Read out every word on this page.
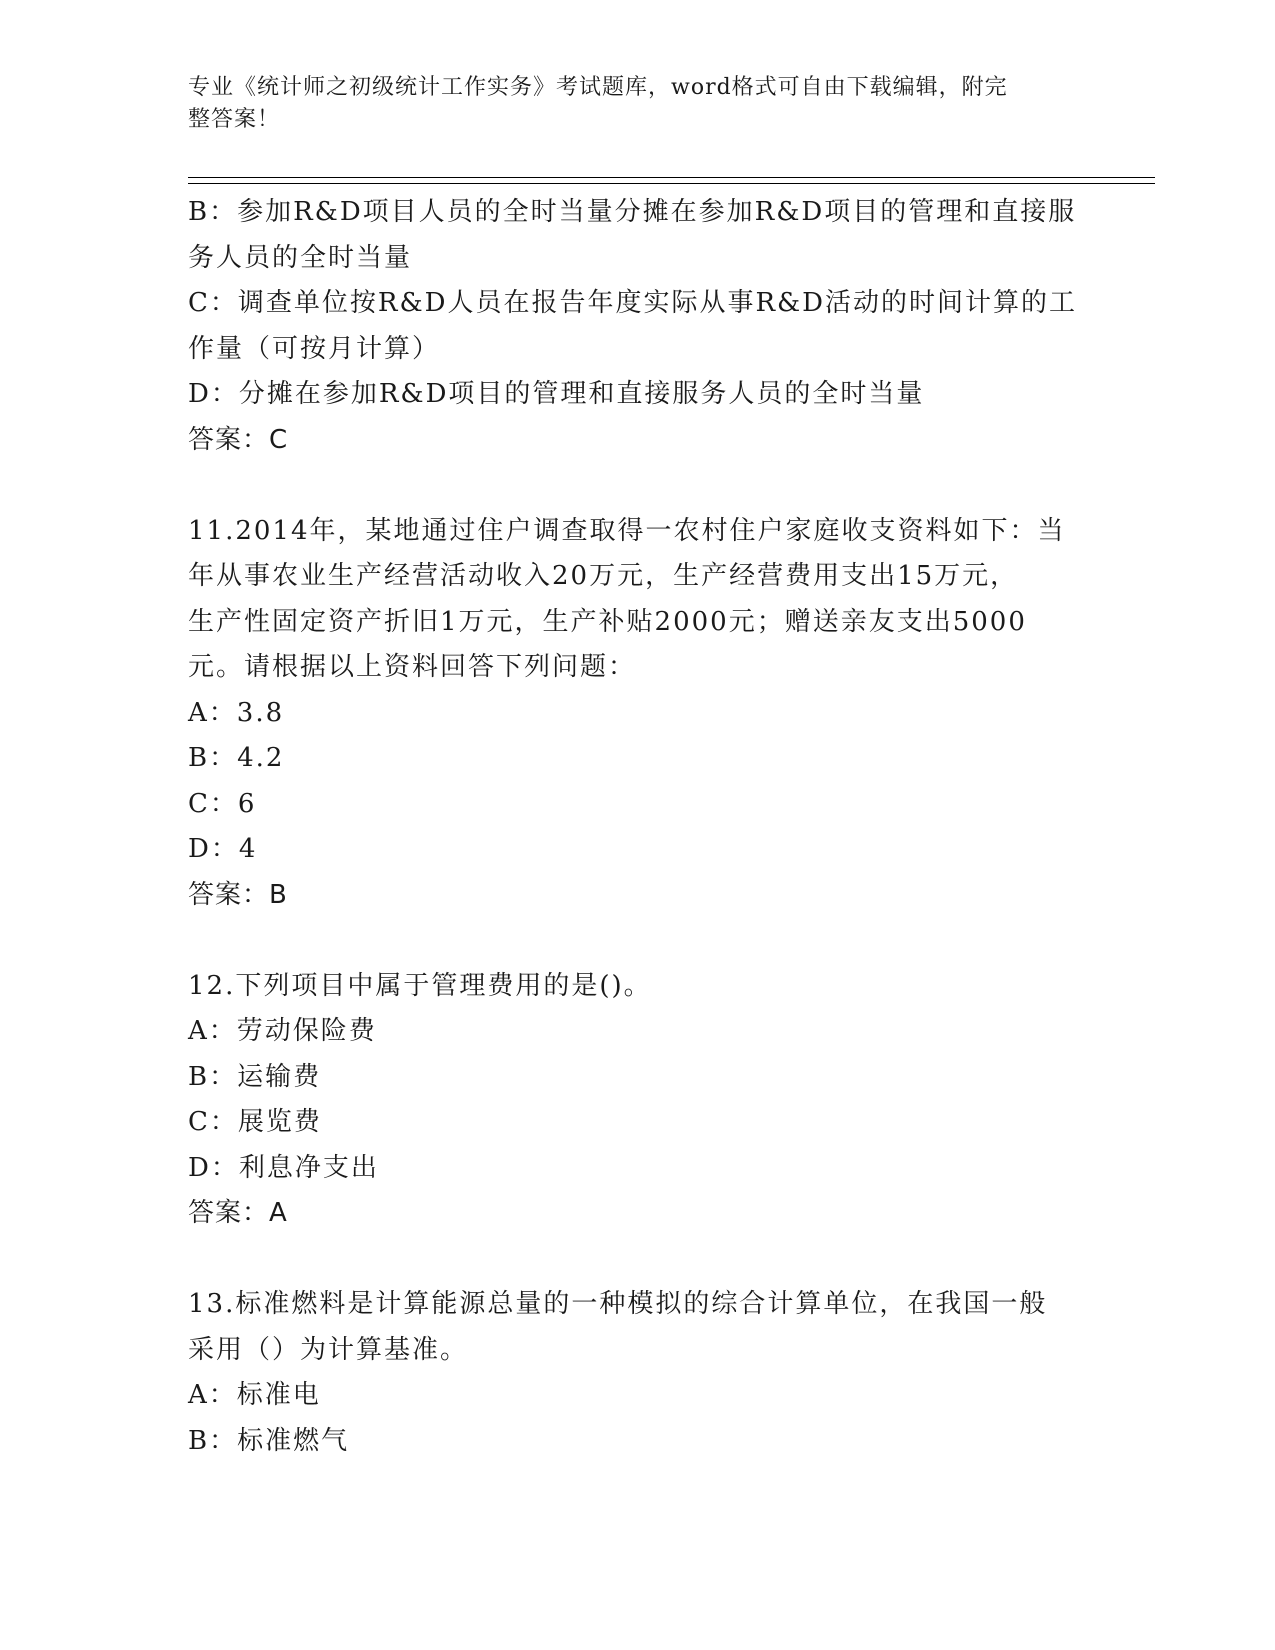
专业《统计师之初级统计工作实务》考试题库，word格式可自由下载编辑，附完
整答案！
B：参加R&D项目人员的全时当量分摊在参加R&D项目的管理和直接服
务人员的全时当量
C：调查单位按R&D人员在报告年度实际从事R&D活动的时间计算的工
作量（可按月计算）
D：分摊在参加R&D项目的管理和直接服务人员的全时当量
答案：C
11.2014年，某地通过住户调查取得一农村住户家庭收支资料如下：当
年从事农业生产经营活动收入20万元，生产经营费用支出15万元，
生产性固定资产折旧1万元，生产补贴2000元；赠送亲友支出5000
元。请根据以上资料回答下列问题：
A：3.8
B：4.2
C：6
D：4
答案：B
12.下列项目中属于管理费用的是()。
A：劳动保险费
B：运输费
C：展览费
D：利息净支出
答案：A
13.标准燃料是计算能源总量的一种模拟的综合计算单位，在我国一般
采用（）为计算基准。
A：标准电
B：标准燃气
